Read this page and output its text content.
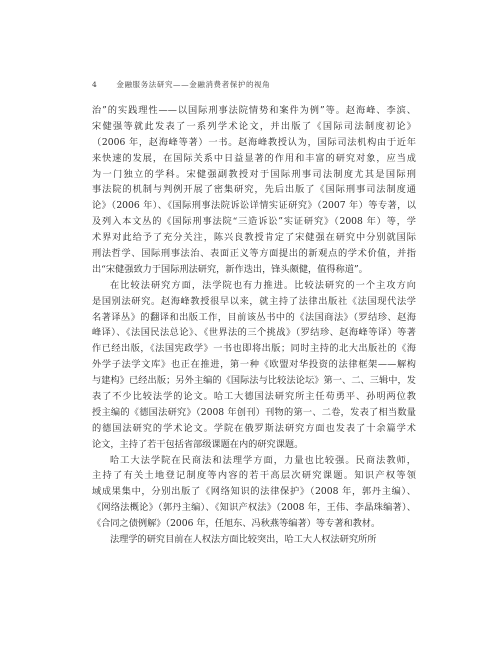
4	金融服务法研究——金融消费者保护的视角
治”的实践理性——以国际刑事法院情势和案件为例”等。赵海峰、李滨、
宋健强等就此发表了一系列学术论文，并出版了《国际司法制度初论》
（2006 年，赵海峰等著）一书。赵海峰教授认为，国际司法机构由于近年
来快速的发展，在国际关系中日益显著的作用和丰富的研究对象，应当成
为一门独立的学科。宋健强副教授对于国际刑事司法制度尤其是国际刑
事法院的机制与判例开展了密集研究，先后出版了《国际刑事司法制度通
论》（2006 年）、《国际刑事法院诉讼详情实证研究》（2007 年）等专著，以
及列入本文丛的《国际刑事法院“三造诉讼”实证研究》（2008 年）等，学
术界对此给予了充分关注，陈兴良教授肯定了宋健强在研究中分别就国际
刑法哲学、国际刑事法治、表面正义等方面提出的新观点的学术价值，并指
出“宋健强致力于国际刑法研究，新作迭出，锋头颇健，值得称道”。
在比较法研究方面，法学院也有力推进。比较法研究的一个主攻方向
是国别法研究。赵海峰教授很早以来，就主持了法律出版社《法国现代法学
名著译丛》的翻译和出版工作，目前该丛书中的《法国商法》（罗结珍、赵海
峰译）、《法国民法总论》、《世界法的三个挑战》（罗结珍、赵海峰等译）等著
作已经出版，《法国宪政学》一书也即将出版；同时主持的北大出版社的《海
外学子法学文库》也正在推进，第一种《欧盟对华投资的法律框架——解构
与建构》已经出版；另外主编的《国际法与比较法论坛》第一、二、三辑中，发
表了不少比较法学的论文。哈工大德国法研究所主任苟勇平、孙明两位教
授主编的《德国法研究》（2008 年创刊）刊物的第一、二卷，发表了相当数量
的德国法研究的学术论文。学院在俄罗斯法研究方面也发表了十余篇学术
论文，主持了若干包括省部级课题在内的研究课题。
哈工大法学院在民商法和法理学方面，力量也比较强。民商法教师，
主持了有关土地登记制度等内容的若干高层次研究课题。知识产权等领
域成果集中，分别出版了《网络知识的法律保护》（2008 年，郭丹主编）、
《网络法概论》（郭丹主编）、《知识产权法》（2008 年，王伟、李晶珠编著）、
《合同之债例解》（2006 年，任旭东、冯秋燕等编著）等专著和教材。
法理学的研究目前在人权法方面比较突出，哈工大人权法研究所所
